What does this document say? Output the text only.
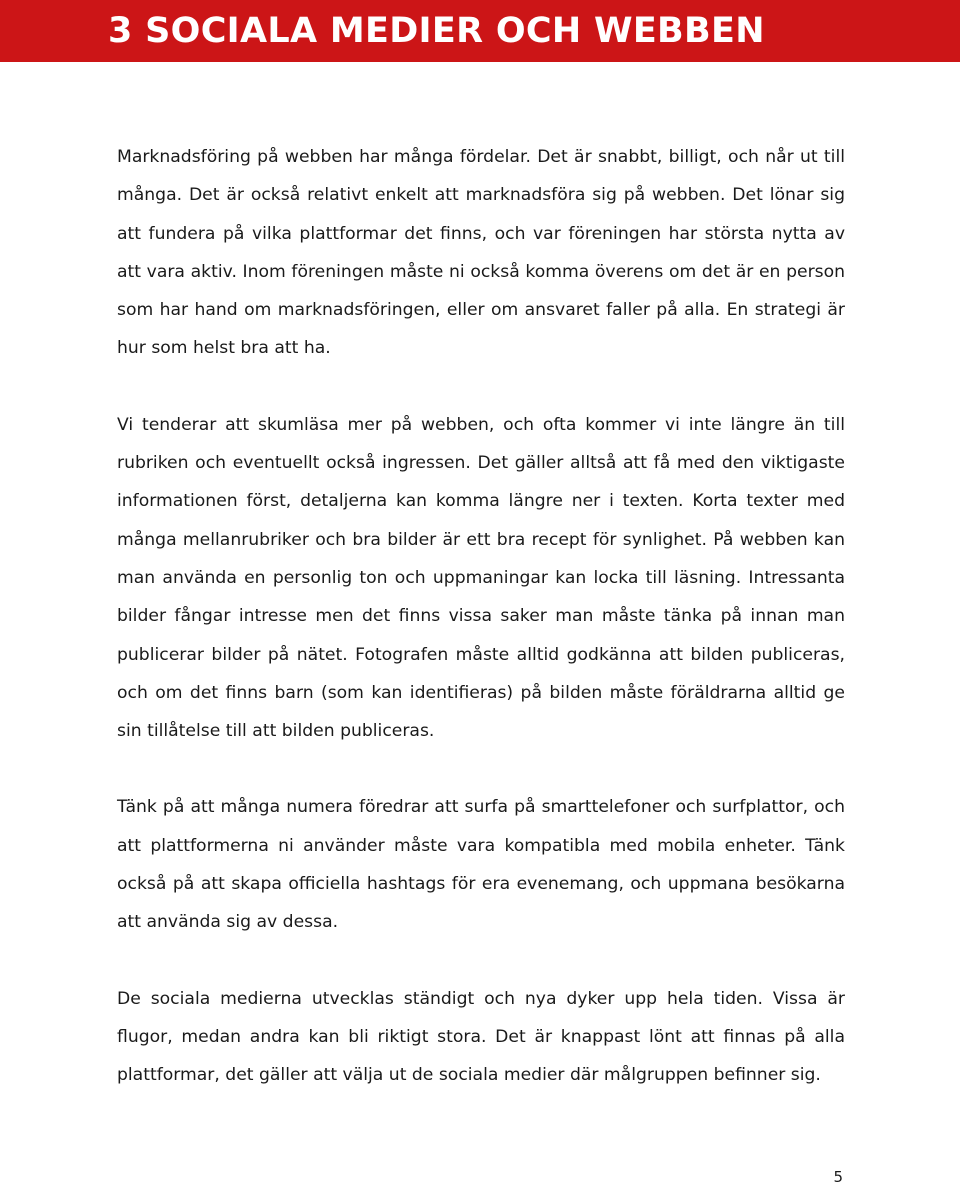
3 SOCIALA MEDIER OCH WEBBEN

Marknadsföring på webben har många fördelar. Det är snabbt, billigt, och når ut till många. Det är också relativt enkelt att marknadsföra sig på webben. Det lönar sig att fundera på vilka plattformar det finns, och var föreningen har största nytta av att vara aktiv. Inom föreningen måste ni också komma överens om det är en person som har hand om marknadsföringen, eller om ansvaret faller på alla. En strategi är hur som helst bra att ha.

Vi tenderar att skumläsa mer på webben, och ofta kommer vi inte längre än till rubriken och eventuellt också ingressen. Det gäller alltså att få med den viktigaste informationen först, detaljerna kan komma längre ner i texten. Korta texter med många mellanrubriker och bra bilder är ett bra recept för synlighet. På webben kan man använda en personlig ton och uppmaningar kan locka till läsning. Intressanta bilder fångar intresse men det finns vissa saker man måste tänka på innan man publicerar bilder på nätet. Fotografen måste alltid godkänna att bilden publiceras, och om det finns barn (som kan identifieras) på bilden måste föräldrarna alltid ge sin tillåtelse till att bilden publiceras.

Tänk på att många numera föredrar att surfa på smarttelefoner och surfplattor, och att plattformerna ni använder måste vara kompatibla med mobila enheter. Tänk också på att skapa officiella hashtags för era evenemang, och uppmana besökarna att använda sig av dessa.

De sociala medierna utvecklas ständigt och nya dyker upp hela tiden. Vissa är flugor, medan andra kan bli riktigt stora. Det är knappast lönt att finnas på alla plattformar, det gäller att välja ut de sociala medier där målgruppen befinner sig.

5
